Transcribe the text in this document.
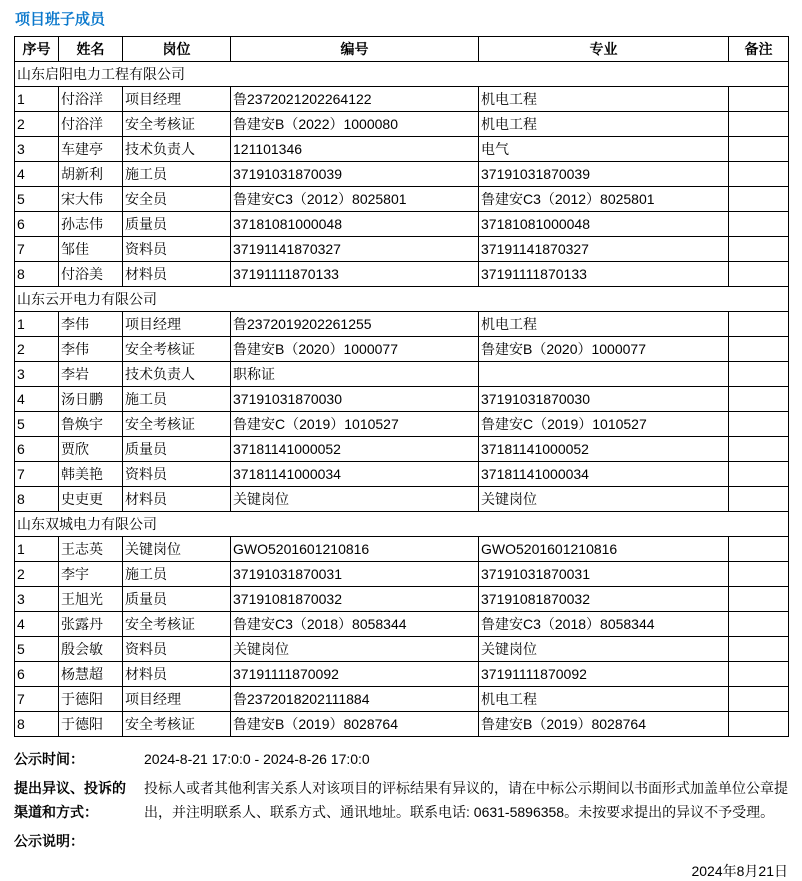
项目班子成员
序号	姓名	岗位	编号	专业	备注
山东启阳电力工程有限公司					
1	付浴洋	项目经理	鲁2372021202264122	机电工程	
2	付浴洋	安全考核证	鲁建安B（2022）1000080	机电工程	
3	车建亭	技术负责人	121101346	电气	
4	胡新利	施工员	37191031870039	37191031870039	
5	宋大伟	安全员	鲁建安C3（2012）8025801	鲁建安C3（2012）8025801	
6	孙志伟	质量员	37181081000048	37181081000048	
7	邹佳	资料员	37191141870327	37191141870327	
8	付浴美	材料员	37191111870133	37191111870133	
山东云开电力有限公司					
1	李伟	项目经理	鲁2372019202261255	机电工程	
2	李伟	安全考核证	鲁建安B（2020）1000077	鲁建安B（2020）1000077	
3	李岩	技术负责人	职称证		
4	汤日鹏	施工员	37191031870030	37191031870030	
5	鲁焕宇	安全考核证	鲁建安C（2019）1010527	鲁建安C（2019）1010527	
6	贾欣	质量员	37181141000052	37181141000052	
7	韩美艳	资料员	37181141000034	37181141000034	
8	史吏更	材料员	关键岗位	关键岗位	
山东双城电力有限公司					
1	王志英	关键岗位	GWO5201601210816	GWO5201601210816	
2	李宇	施工员	37191031870031	37191031870031	
3	王旭光	质量员	37191081870032	37191081870032	
4	张露丹	安全考核证	鲁建安C3（2018）8058344	鲁建安C3（2018）8058344	
5	殷会敏	资料员	关键岗位	关键岗位	
6	杨慧超	材料员	37191111870092	37191111870092	
7	于德阳	项目经理	鲁2372018202111884	机电工程	
8	于德阳	安全考核证	鲁建安B（2019）8028764	鲁建安B（2019）8028764	
公示时间：	2024-8-21 17:0:0 - 2024-8-26 17:0:0
提出异议、投诉的渠道和方式：
投标人或者其他利害关系人对该项目的评标结果有异议的，请在中标公示期间以书面形式加盖单位公章提出，并注明联系人、联系方式、通讯地址。联系电话: 0631-5896358。未按要求提出的异议不予受理。
公示说明：
2024年8月21日
